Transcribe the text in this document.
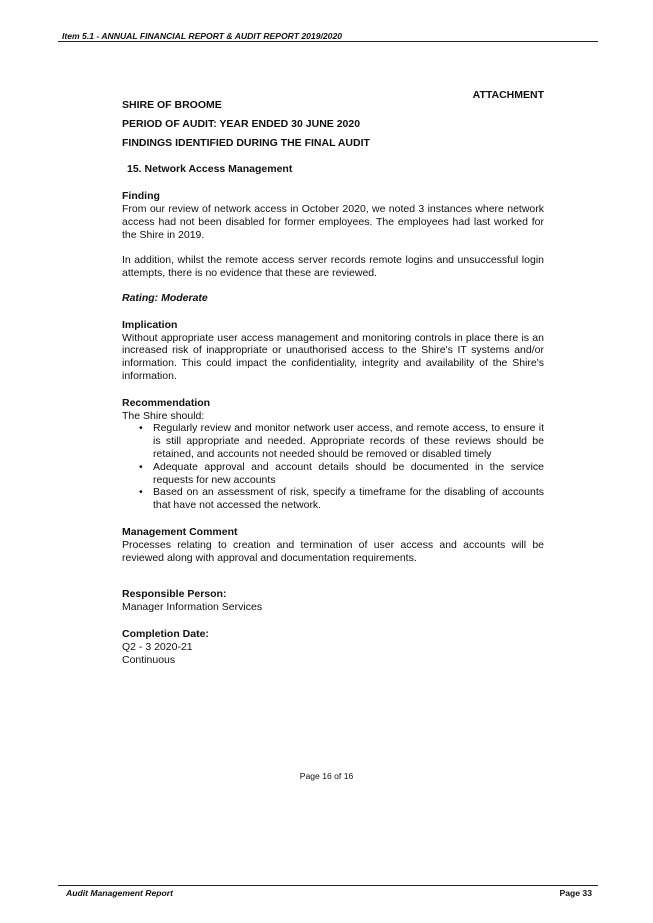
Item 5.1 - ANNUAL FINANCIAL REPORT & AUDIT REPORT 2019/2020
ATTACHMENT
SHIRE OF BROOME
PERIOD OF AUDIT: YEAR ENDED 30 JUNE 2020
FINDINGS IDENTIFIED DURING THE FINAL AUDIT
15. Network Access Management
Finding

From our review of network access in October 2020, we noted 3 instances where network access had not been disabled for former employees. The employees had last worked for the Shire in 2019.

In addition, whilst the remote access server records remote logins and unsuccessful login attempts, there is no evidence that these are reviewed.

Rating: Moderate

Implication

Without appropriate user access management and monitoring controls in place there is an increased risk of inappropriate or unauthorised access to the Shire's IT systems and/or information. This could impact the confidentiality, integrity and availability of the Shire's information.

Recommendation

The Shire should:

• Regularly review and monitor network user access, and remote access, to ensure it is still appropriate and needed. Appropriate records of these reviews should be retained, and accounts not needed should be removed or disabled timely
• Adequate approval and account details should be documented in the service requests for new accounts
• Based on an assessment of risk, specify a timeframe for the disabling of accounts that have not accessed the network.
Management Comment

Processes relating to creation and termination of user access and accounts will be reviewed along with approval and documentation requirements.

Responsible Person:

Manager Information Services

Completion Date:

Q2 - 3 2020-21

Continuous

Page 16 of 16
Audit Management Report	Page 33
